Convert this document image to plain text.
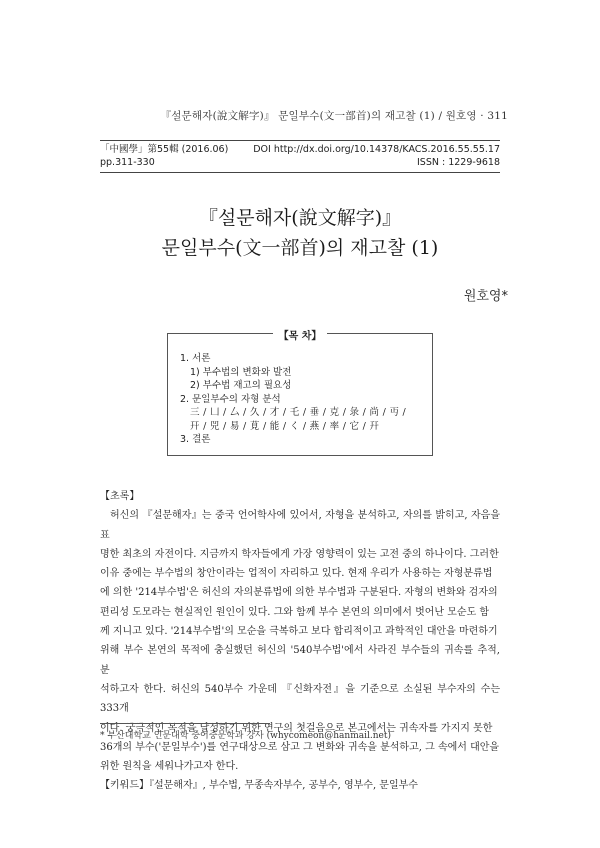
『설문해자(說文解字)』 문일부수(文一部首)의 재고찰 (1) / 원호영 · 311
「中國學」第55輯 (2016.06)	DOI http://dx.doi.org/10.14378/KACS.2016.55.55.17
pp.311-330	ISSN : 1229-9618
『설문해자(說文解字)』
문일부수(文一部首)의 재고찰 (1)
원호영*
【목 차】
1. 서론
1) 부수법의 변화와 발전
2) 부수법 재고의 필요성
2. 문일부수의 자형 분석
三 / 凵 / 厶 / 久 / 才 / 乇 / 垂 / 克 / 彔 / 尚 / 丏 /
幵 / 兕 / 易 / 莧 / 能 / く / 燕 / 率 / 它 / 幵
3. 결론

【초록】

허신의 『설문해자』는 중국 언어학사에 있어서, 자형을 분석하고, 자의를 밝히고, 자음을 표

명한 최초의 자전이다. 지금까지 학자들에게 가장 영향력이 있는 고전 중의 하나이다. 그러한

이유 중에는 부수법의 창안이라는 업적이 자리하고 있다. 현재 우리가 사용하는 자형분류법

에 의한 '214부수법'은 허신의 자의분류법에 의한 부수법과 구분된다. 자형의 변화와 검자의

편리성 도모라는 현실적인 원인이 있다. 그와 함께 부수 본연의 의미에서 벗어난 모순도 함

께 지니고 있다. '214부수법'의 모순을 극복하고 보다 합리적이고 과학적인 대안을 마련하기

위해 부수 본연의 목적에 충실했던 허신의 '540부수법'에서 사라진 부수들의 귀속를 추적, 분

석하고자 한다. 허신의 540부수 가운데 『신화자전』을 기준으로 소실된 부수자의 수는 333개

이다. 궁극적인 목적을 달성하기 위한 연구의 첫걸음으로 본고에서는 귀속자를 가지지 못한

36개의 부수('문일부수')를 연구대상으로 삼고 그 변화와 귀속을 분석하고, 그 속에서 대안을

위한 원칙을 세워나가고자 한다.

【키워드】『설문해자』, 부수법, 무종속자부수, 공부수, 영부수, 문일부수

* 부산대학교 인문대학 중어중문학과 강사 (whycomeon@hanmail.net)
